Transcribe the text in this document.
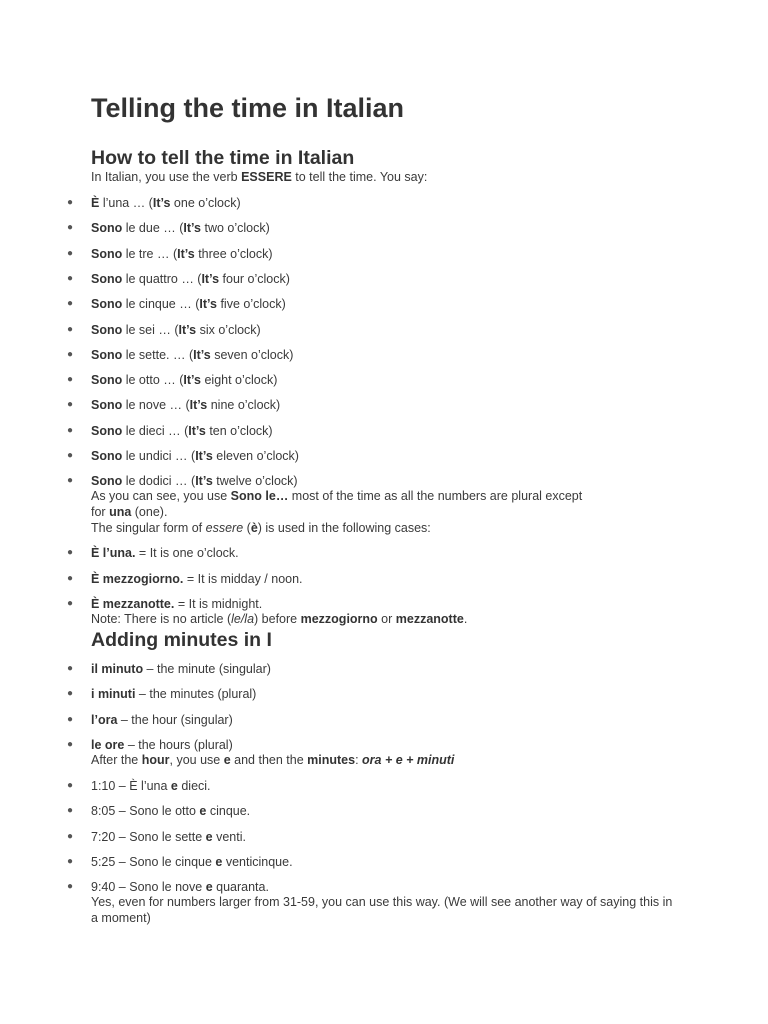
Telling the time in Italian
How to tell the time in Italian

In Italian, you use the verb ESSERE to tell the time. You say:

● È l’una … (It’s one o’clock)
● Sono le due … (It’s two o’clock)
● Sono le tre … (It’s three o’clock)
● Sono le quattro … (It’s four o’clock)
● Sono le cinque … (It’s five o’clock)
● Sono le sei … (It’s six o’clock)
● Sono le sette. … (It’s seven o’clock)
● Sono le otto … (It’s eight o’clock)
● Sono le nove … (It’s nine o’clock)
● Sono le dieci … (It’s ten o’clock)
● Sono le undici … (It’s eleven o’clock)
● Sono le dodici … (It’s twelve o’clock)

As you can see, you use Sono le… most of the time as all the numbers are plural except

for una (one).

The singular form of essere (è) is used in the following cases:

● È l’una. = It is one o’clock.
● È mezzogiorno. = It is midday / noon.
● È mezzanotte. = It is midnight.

Note: There is no article (le/la) before mezzogiorno or mezzanotte.

Adding minutes in I
● il minuto – the minute (singular)
● i minuti – the minutes (plural)
● l’ora – the hour (singular)
● le ore – the hours (plural)

After the hour, you use e and then the minutes: ora + e + minuti

● 1:10 – È l’una e dieci.
● 8:05 – Sono le otto e cinque.
● 7:20 – Sono le sette e venti.
● 5:25 – Sono le cinque e venticinque.
● 9:40 – Sono le nove e quaranta.

Yes, even for numbers larger from 31-59, you can use this way. (We will see another way of saying this in a moment)
